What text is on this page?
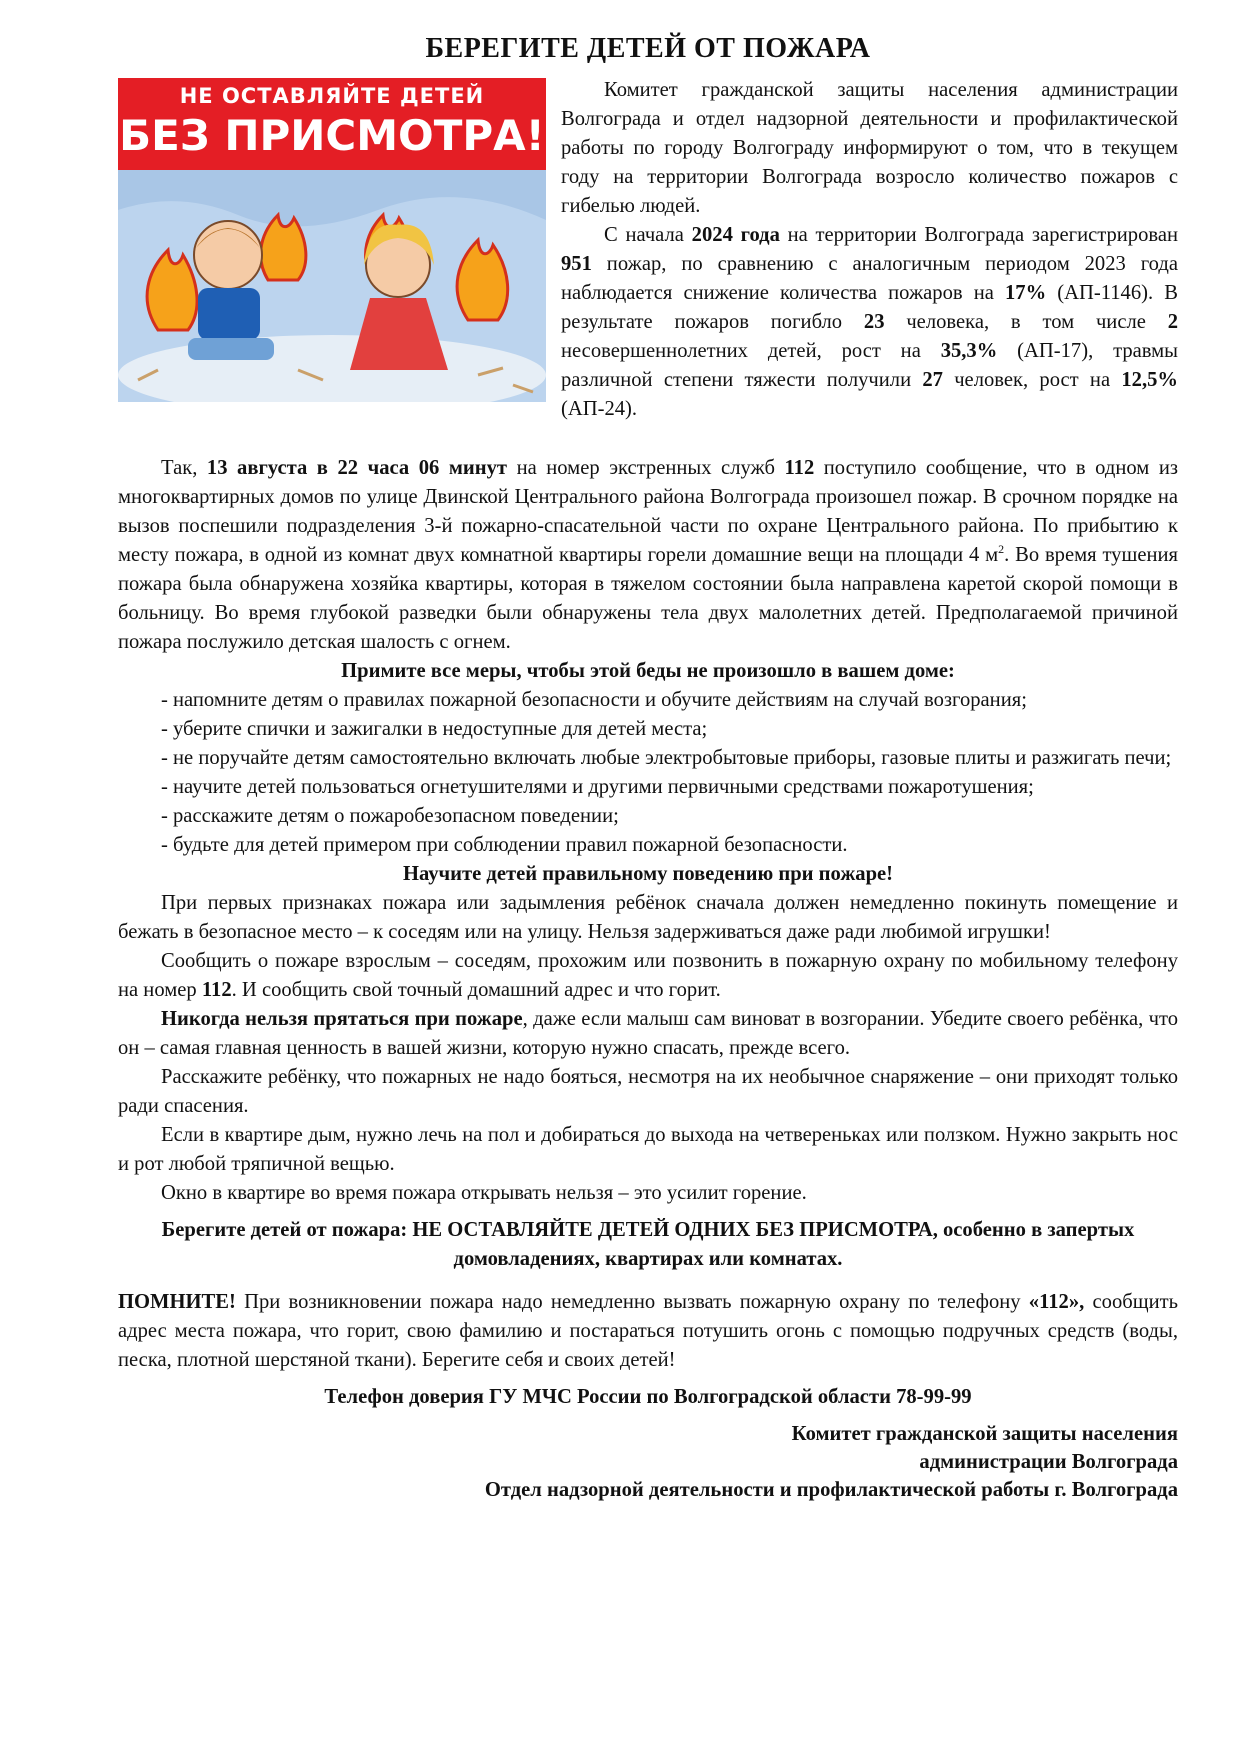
БЕРЕГИТЕ ДЕТЕЙ ОТ ПОЖАРА
НЕ ОСТАВЛЯЙТЕ ДЕТЕЙ
БЕЗ ПРИСМОТРА!

Комитет гражданской защиты населения администрации Волгограда и отдел надзорной деятельности и профилактической работы по городу Волгограду информируют о том, что в текущем году на территории Волгограда возросло количество пожаров с гибелью людей.

С начала 2024 года на территории Волгограда зарегистрирован 951 пожар, по сравнению с аналогичным периодом 2023 года наблюдается снижение количества пожаров на 17% (АП-1146). В результате пожаров погибло 23 человека, в том числе 2 несовершеннолетних детей, рост на 35,3% (АП-17), травмы различной степени тяжести получили 27 человек, рост на 12,5% (АП-24).

Так, 13 августа в 22 часа 06 минут на номер экстренных служб 112 поступило сообщение, что в одном из многоквартирных домов по улице Двинской Центрального района Волгограда произошел пожар. В срочном порядке на вызов поспешили подразделения 3-й пожарно-спасательной части по охране Центрального района. По прибытию к месту пожара, в одной из комнат двух комнатной квартиры горели домашние вещи на площади 4 $м^2$. Во время тушения пожара была обнаружена хозяйка квартиры, которая в тяжелом состоянии была направлена каретой скорой помощи в больницу. Во время глубокой разведки были обнаружены тела двух малолетних детей. Предполагаемой причиной пожара послужило детская шалость с огнем.

Примите все меры, чтобы этой беды не произошло в вашем доме:

- напомните детям о правилах пожарной безопасности и обучите действиям на случай возгорания;

- уберите спички и зажигалки в недоступные для детей места;

- не поручайте детям самостоятельно включать любые электробытовые приборы, газовые плиты и разжигать печи;

- научите детей пользоваться огнетушителями и другими первичными средствами пожаротушения;

- расскажите детям о пожаробезопасном поведении;

- будьте для детей примером при соблюдении правил пожарной безопасности.

Научите детей правильному поведению при пожаре!

При первых признаках пожара или задымления ребёнок сначала должен немедленно покинуть помещение и бежать в безопасное место – к соседям или на улицу. Нельзя задерживаться даже ради любимой игрушки!

Сообщить о пожаре взрослым – соседям, прохожим или позвонить в пожарную охрану по мобильному телефону на номер 112. И сообщить свой точный домашний адрес и что горит.

Никогда нельзя прятаться при пожаре, даже если малыш сам виноват в возгорании. Убедите своего ребёнка, что он – самая главная ценность в вашей жизни, которую нужно спасать, прежде всего.

Расскажите ребёнку, что пожарных не надо бояться, несмотря на их необычное снаряжение – они приходят только ради спасения.

Если в квартире дым, нужно лечь на пол и добираться до выхода на четвереньках или ползком. Нужно закрыть нос и рот любой тряпичной вещью.

Окно в квартире во время пожара открывать нельзя – это усилит горение.

Берегите детей от пожара: НЕ ОСТАВЛЯЙТЕ ДЕТЕЙ ОДНИХ БЕЗ ПРИСМОТРА, особенно в запертых домовладениях, квартирах или комнатах.

ПОМНИТЕ! При возникновении пожара надо немедленно вызвать пожарную охрану по телефону «112», сообщить адрес места пожара, что горит, свою фамилию и постараться потушить огонь с помощью подручных средств (воды, песка, плотной шерстяной ткани). Берегите себя и своих детей!

Телефон доверия ГУ МЧС России по Волгоградской области 78-99-99

Комитет гражданской защиты населения
администрации Волгограда
Отдел надзорной деятельности и профилактической работы г. Волгограда
